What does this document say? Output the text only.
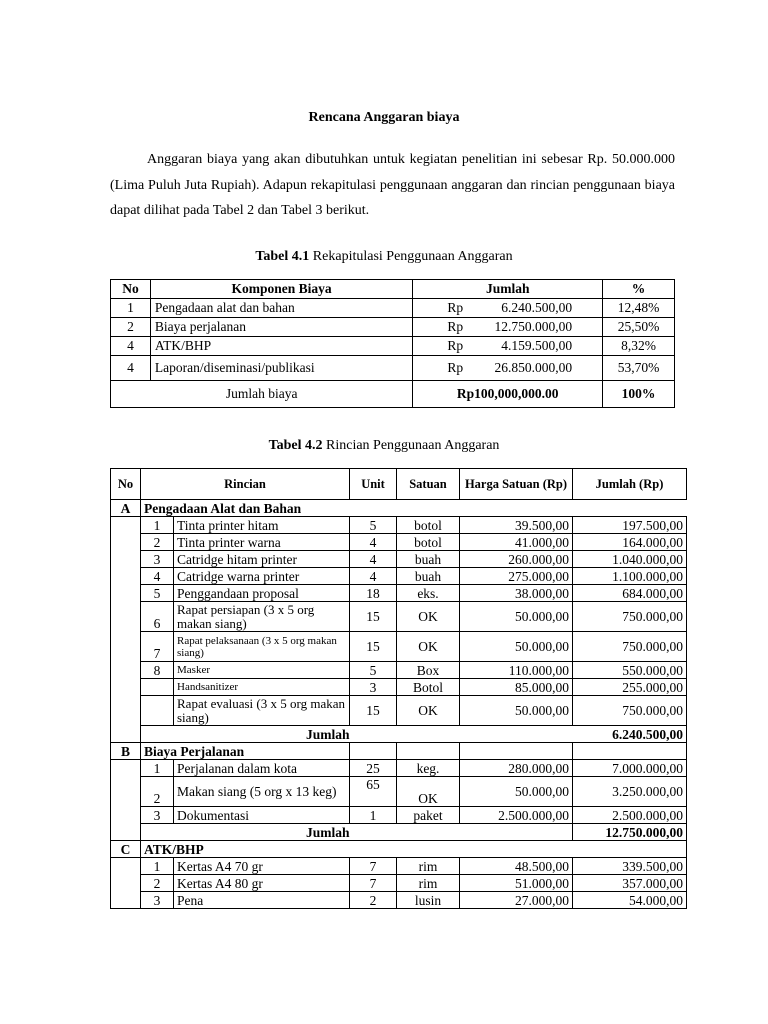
Rencana Anggaran biaya

Anggaran biaya yang akan dibutuhkan untuk kegiatan penelitian ini sebesar Rp. 50.000.000 (Lima Puluh Juta Rupiah). Adapun rekapitulasi penggunaan anggaran dan rincian penggunaan biaya dapat dilihat pada Tabel 2 dan Tabel 3 berikut.

Tabel 4.1 Rekapitulasi Penggunaan Anggaran
No	Komponen Biaya	Jumlah	%
1	Pengadaan alat dan bahan	Rp 6.240.500,00	12,48%
2	Biaya perjalanan	Rp 12.750.000,00	25,50%
4	ATK/BHP	Rp 4.159.500,00	8,32%
4	Laporan/diseminasi/publikasi	Rp 26.850.000,00	53,70%
Jumlah biaya		Rp100,000,000.00	100%
Tabel 4.2 Rincian Penggunaan Anggaran
No	Rincian		Unit	Satuan	Harga Satuan (Rp)	Jumlah (Rp)
A	Pengadaan Alat dan Bahan					
	1	Tinta printer hitam	5	botol	39.500,00	197.500,00
	2	Tinta printer warna	4	botol	41.000,00	164.000,00
	3	Catridge hitam printer	4	buah	260.000,00	1.040.000,00
	4	Catridge warna printer	4	buah	275.000,00	1.100.000,00
	5	Penggandaan proposal	18	eks.	38.000,00	684.000,00
	6	Rapat persiapan (3 x 5 org makan siang)	15	OK	50.000,00	750.000,00
	7	Rapat pelaksanaan (3 x 5 org makan siang)	15	OK	50.000,00	750.000,00
	8	Masker	5	Box	110.000,00	550.000,00
		Handsanitizer	3	Botol	85.000,00	255.000,00
		Rapat evaluasi (3 x 5 org makan siang)	15	OK	50.000,00	750.000,00
	Jumlah					6.240.500,00
B	Biaya Perjalanan					
	1	Perjalanan dalam kota	25	keg.	280.000,00	7.000.000,00
	2	Makan siang (5 org x 13 keg)	65	OK	50.000,00	3.250.000,00
	3	Dokumentasi	1	paket	2.500.000,00	2.500.000,00
	Jumlah					12.750.000,00
C	ATK/BHP					
	1	Kertas A4 70 gr	7	rim	48.500,00	339.500,00
	2	Kertas A4 80 gr	7	rim	51.000,00	357.000,00
	3	Pena	2	lusin	27.000,00	54.000,00
